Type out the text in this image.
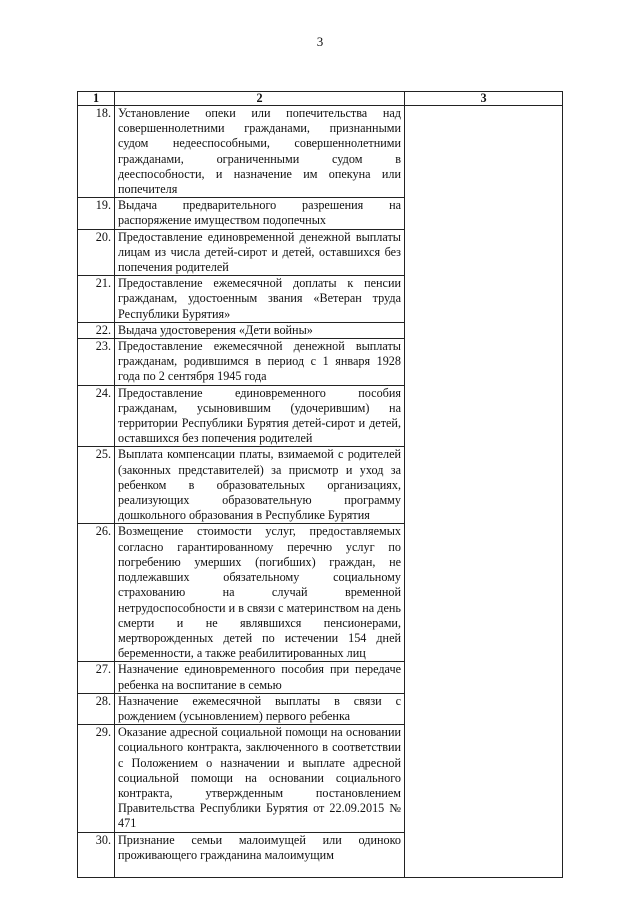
3
1	2	3
18.	Установление опеки или попечительства над совершеннолетними гражданами, признанными судом недееспособными, совершеннолетними гражданами, ограниченными судом в дееспособности, и назначение им опекуна или попечителя	
19.	Выдача предварительного разрешения на распоряжение имуществом подопечных	
20.	Предоставление единовременной денежной выплаты лицам из числа детей-сирот и детей, оставшихся без попечения родителей	
21.	Предоставление ежемесячной доплаты к пенсии гражданам, удостоенным звания «Ветеран труда Республики Бурятия»	
22.	Выдача удостоверения «Дети войны»	
23.	Предоставление ежемесячной денежной выплаты гражданам, родившимся в период с 1 января 1928 года по 2 сентября 1945 года	
24.	Предоставление единовременного пособия гражданам, усыновившим (удочерившим) на территории Республики Бурятия детей-сирот и детей, оставшихся без попечения родителей	
25.	Выплата компенсации платы, взимаемой с родителей (законных представителей) за присмотр и уход за ребенком в образовательных организациях, реализующих образовательную программу дошкольного образования в Республике Бурятия	
26.	Возмещение стоимости услуг, предоставляемых согласно гарантированному перечню услуг по погребению умерших (погибших) граждан, не подлежавших обязательному социальному страхованию на случай временной нетрудоспособности и в связи с материнством на день смерти и не являвшихся пенсионерами, мертворожденных детей по истечении 154 дней беременности, а также реабилитированных лиц	
27.	Назначение единовременного пособия при передаче ребенка на воспитание в семью	
28.	Назначение ежемесячной выплаты в связи с рождением (усыновлением) первого ребенка	
29.	Оказание адресной социальной помощи на основании социального контракта, заключенного в соответствии с Положением о назначении и выплате адресной социальной помощи на основании социального контракта, утвержденным постановлением Правительства Республики Бурятия от 22.09.2015 № 471	
30.	Признание семьи малоимущей или одиноко проживающего гражданина малоимущим	
